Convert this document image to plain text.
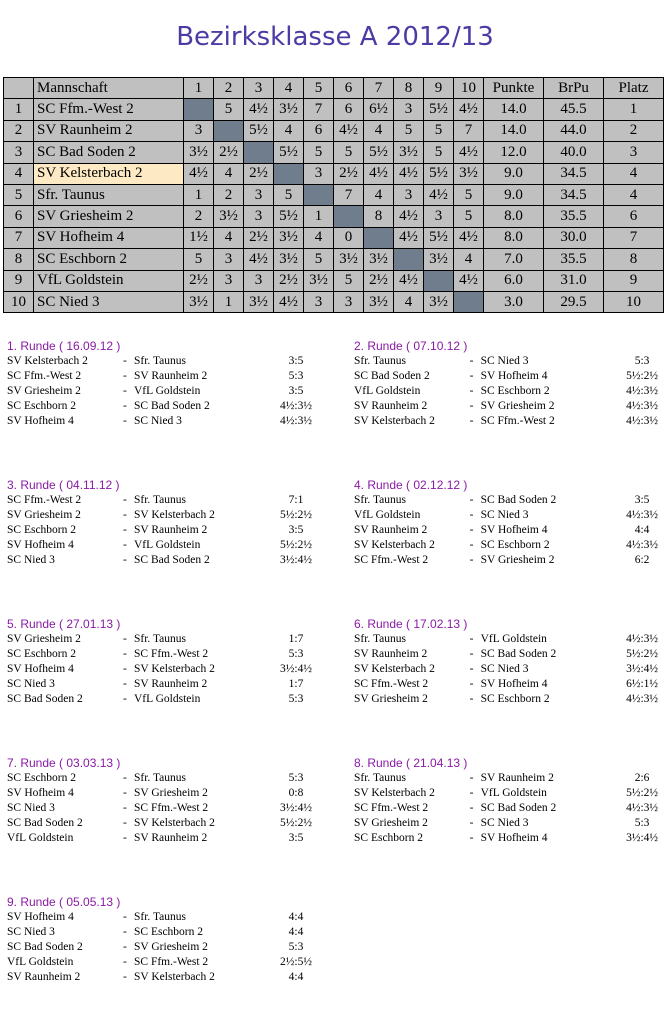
Bezirksklasse A 2012/13
	Mannschaft	1	2	3	4	5	6	7	8	9	10	Punkte	BrPu	Platz
1	SC Ffm.-West 2		5	4½	3½	7	6	6½	3	5½	4½	14.0	45.5	1
2	SV Raunheim 2	3		5½	4	6	4½	4	5	5	7	14.0	44.0	2
3	SC Bad Soden 2	3½	2½		5½	5	5	5½	3½	5	4½	12.0	40.0	3
4	SV Kelsterbach 2	4½	4	2½		3	2½	4½	4½	5½	3½	9.0	34.5	4
5	Sfr. Taunus	1	2	3	5		7	4	3	4½	5	9.0	34.5	4
6	SV Griesheim 2	2	3½	3	5½	1		8	4½	3	5	8.0	35.5	6
7	SV Hofheim 4	1½	4	2½	3½	4	0		4½	5½	4½	8.0	30.0	7
8	SC Eschborn 2	5	3	4½	3½	5	3½	3½		3½	4	7.0	35.5	8
9	VfL Goldstein	2½	3	3	2½	3½	5	2½	4½		4½	6.0	31.0	9
10	SC Nied 3	3½	1	3½	4½	3	3	3½	4	3½		3.0	29.5	10
1. Runde ( 16.09.12 )
SV Kelsterbach 2	- Sfr. Taunus	3:5
SC Ffm.-West 2	- SV Raunheim 2	5:3
SV Griesheim 2	- VfL Goldstein	3:5
SC Eschborn 2	- SC Bad Soden 2	4½:3½
SV Hofheim 4	- SC Nied 3	4½:3½
2. Runde ( 07.10.12 )
Sfr. Taunus	- SC Nied 3	5:3
SC Bad Soden 2	- SV Hofheim 4	5½:2½
VfL Goldstein	- SC Eschborn 2	4½:3½
SV Raunheim 2	- SV Griesheim 2	4½:3½
SV Kelsterbach 2	- SC Ffm.-West 2	4½:3½
3. Runde ( 04.11.12 )
SC Ffm.-West 2	- Sfr. Taunus	7:1
SV Griesheim 2	- SV Kelsterbach 2	5½:2½
SC Eschborn 2	- SV Raunheim 2	3:5
SV Hofheim 4	- VfL Goldstein	5½:2½
SC Nied 3	- SC Bad Soden 2	3½:4½
4. Runde ( 02.12.12 )
Sfr. Taunus	- SC Bad Soden 2	3:5
VfL Goldstein	- SC Nied 3	4½:3½
SV Raunheim 2	- SV Hofheim 4	4:4
SV Kelsterbach 2	- SC Eschborn 2	4½:3½
SC Ffm.-West 2	- SV Griesheim 2	6:2
5. Runde ( 27.01.13 )
SV Griesheim 2	- Sfr. Taunus	1:7
SC Eschborn 2	- SC Ffm.-West 2	5:3
SV Hofheim 4	- SV Kelsterbach 2	3½:4½
SC Nied 3	- SV Raunheim 2	1:7
SC Bad Soden 2	- VfL Goldstein	5:3
6. Runde ( 17.02.13 )
Sfr. Taunus	- VfL Goldstein	4½:3½
SV Raunheim 2	- SC Bad Soden 2	5½:2½
SV Kelsterbach 2	- SC Nied 3	3½:4½
SC Ffm.-West 2	- SV Hofheim 4	6½:1½
SV Griesheim 2	- SC Eschborn 2	4½:3½
7. Runde ( 03.03.13 )
SC Eschborn 2	- Sfr. Taunus	5:3
SV Hofheim 4	- SV Griesheim 2	0:8
SC Nied 3	- SC Ffm.-West 2	3½:4½
SC Bad Soden 2	- SV Kelsterbach 2	5½:2½
VfL Goldstein	- SV Raunheim 2	3:5
8. Runde ( 21.04.13 )
Sfr. Taunus	- SV Raunheim 2	2:6
SV Kelsterbach 2	- VfL Goldstein	5½:2½
SC Ffm.-West 2	- SC Bad Soden 2	4½:3½
SV Griesheim 2	- SC Nied 3	5:3
SC Eschborn 2	- SV Hofheim 4	3½:4½
9. Runde ( 05.05.13 )
SV Hofheim 4	- Sfr. Taunus	4:4
SC Nied 3	- SC Eschborn 2	4:4
SC Bad Soden 2	- SV Griesheim 2	5:3
VfL Goldstein	- SC Ffm.-West 2	2½:5½
SV Raunheim 2	- SV Kelsterbach 2	4:4
